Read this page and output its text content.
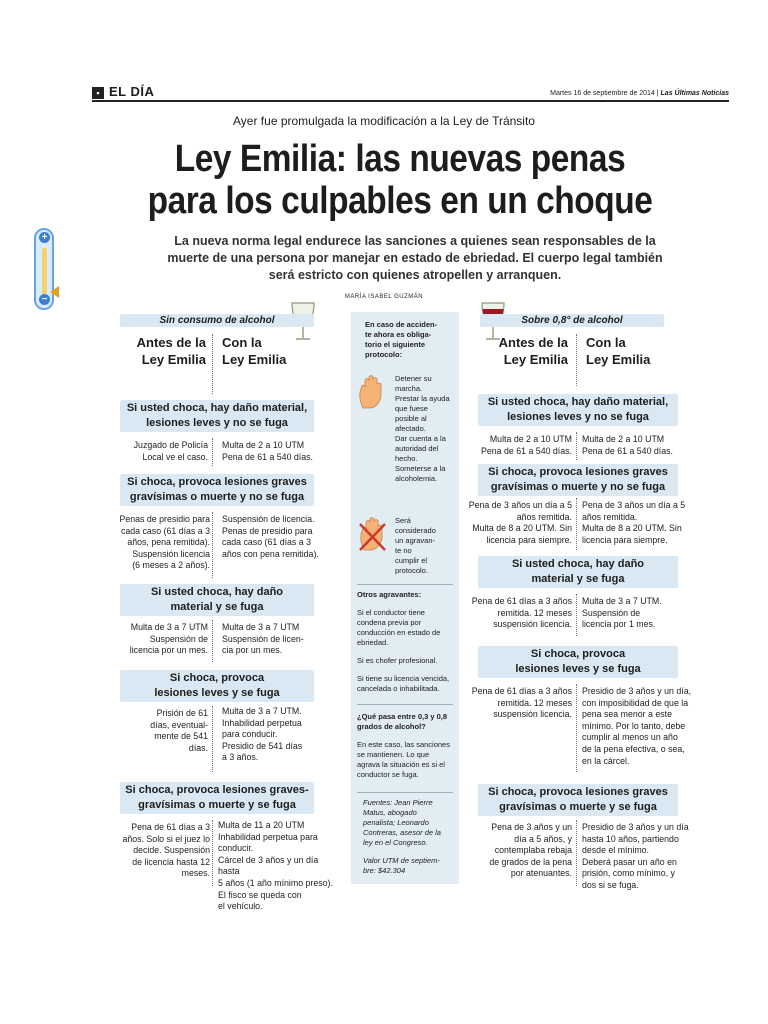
▪ EL DÍA	Martes 16 de septiembre de 2014 | Las Últimas Noticias
Ayer fue promulgada la modificación a la Ley de Tránsito
Ley Emilia: las nuevas penas
para los culpables en un choque
La nueva norma legal endurece las sanciones a quienes sean responsables de la
muerte de una persona por manejar en estado de ebriedad. El cuerpo legal también
será estricto con quienes atropellen y arranquen.
MARÍA ISABEL GUZMÁN
+
−
Sin consumo de alcohol
Antes de la
Ley Emilia
Con la
Ley Emilia
Si usted choca, hay daño material,
lesiones leves y no se fuga
Juzgado de Policía
Local ve el caso.
Multa de 2 a 10 UTM
Pena de 61 a 540 días.
Si choca, provoca lesiones graves
gravísimas o muerte y no se fuga
Penas de presidio para
cada caso (61 días a 3
años, pena remitida).
Suspensión licencia
(6 meses a 2 años).
Suspensión de licencia.
Penas de presidio para
cada caso (61 días a 3
años con pena remitida).
Si usted choca, hay daño
material y se fuga
Multa de 3 a 7 UTM
Suspensión de
licencia por un mes.
Multa de 3 a 7 UTM
Suspensión de licen-
cia por un mes.
Si choca, provoca
lesiones leves y se fuga
Prisión de 61
días, eventual-
mente de 541
días.
Multa de 3 a 7 UTM.
Inhabilidad perpetua
para conducir.
Presidio de 541 días
a 3 años.
Si choca, provoca lesiones graves-
gravísimas o muerte y se fuga
Pena de 61 días a 3
años. Solo si el juez lo
decide. Suspensión
de licencia hasta 12
meses.
Multa de 11 a 20 UTM
Inhabilidad perpetua para
conducir.
Cárcel de 3 años y un día hasta
5 años (1 año mínimo preso).
El fisco se queda con
el vehículo.
En caso de acciden-
te ahora es obliga-
torio el siguiente
protocolo:
Detener su
marcha.
Prestar la ayuda
que fuese
posible al
afectado.
Dar cuenta a la
autoridad del
hecho.
Someterse a la
alcoholemia.
Será
considerado
un agravan-
te no
cumplir el
protocolo.
Otros agravantes:
Si el conductor tiene
condena previa por
conducción en estado de
ebriedad.
Si es chofer profesional.
Si tiene su licencia vencida,
cancelada o inhabilitada.
¿Qué pasa entre 0,3 y 0,8
grados de alcohol?
En este caso, las sanciones
se mantienen. Lo que
agrava la situación es si el
conductor se fuga.
Fuentes: Jean Pierre
Matus, abogado
penalista; Leonardo
Contreras, asesor de la
ley en el Congreso.
Valor UTM de septiem-
bre: $42.304
Sobre 0,8° de alcohol
Antes de la
Ley Emilia
Con la
Ley Emilia
Si usted choca, hay daño material,
lesiones leves y no se fuga
Multa de 2 a 10 UTM
Pena de 61 a 540 días.
Multa de 2 a 10 UTM
Pena de 61 a 540 días.
Si choca, provoca lesiones graves
gravísimas o muerte y no se fuga
Pena de 3 años un día a 5
años remitida.
Multa de 8 a 20 UTM. Sin
licencia para siempre.
Pena de 3 años un día a 5
años remitida.
Multa de 8 a 20 UTM. Sin
licencia para siempre.
Si usted choca, hay daño
material y se fuga
Pena de 61 días a 3 años
remitida. 12 meses
suspensión licencia.
Multa de 3 a 7 UTM.
Suspensión de
licencia por 1 mes.
Si choca, provoca
lesiones leves y se fuga
Pena de 61 días a 3 años
remitida. 12 meses
suspensión licencia.
Presidio de 3 años y un día,
con imposibilidad de que la
pena sea menor a este
mínimo. Por lo tanto, debe
cumplir al menos un año
de la pena efectiva, o sea,
en la cárcel.
Si choca, provoca lesiones graves
gravísimas o muerte y se fuga
Pena de 3 años y un
día a 5 años, y
contemplaba rebaja
de grados de la pena
por atenuantes.
Presidio de 3 años y un día
hasta 10 años, partiendo
desde el mínimo.
Deberá pasar un año en
prisión, como mínimo, y
dos si se fuga.
